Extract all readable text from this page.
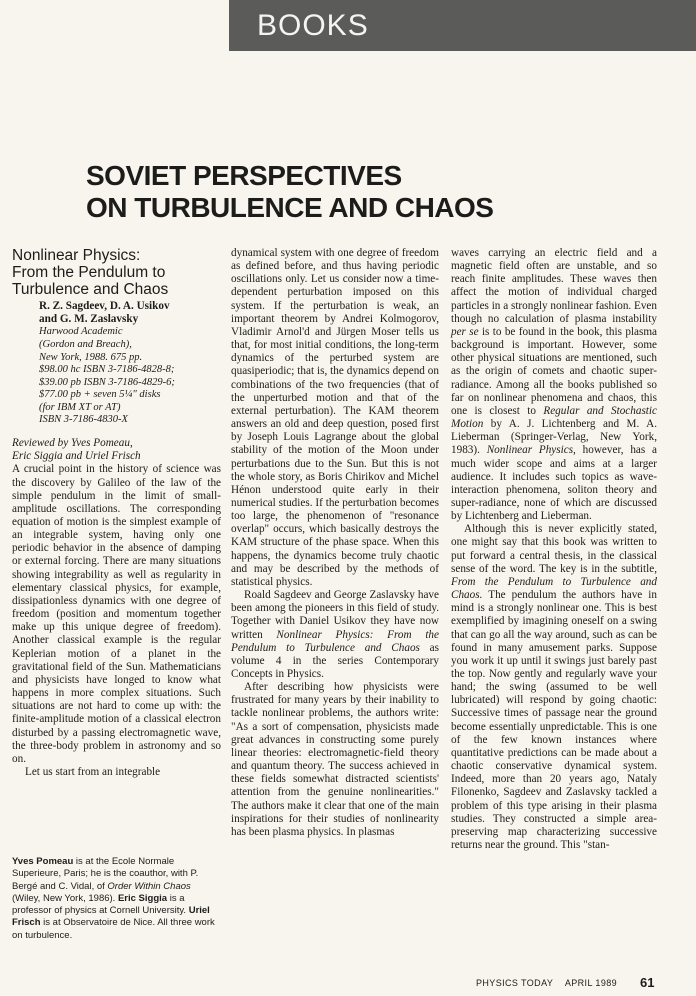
BOOKS
SOVIET PERSPECTIVES
ON TURBULENCE AND CHAOS
Nonlinear Physics:
From the Pendulum to
Turbulence and Chaos
R. Z. Sagdeev, D. A. Usikov
and G. M. Zaslavsky
Harwood Academic
(Gordon and Breach),
New York, 1988. 675 pp.
$98.00 hc ISBN 3-7186-4828-8;
$39.00 pb ISBN 3-7186-4829-6;
$77.00 pb + seven 5¼" disks
(for IBM XT or AT)
ISBN 3-7186-4830-X
Reviewed by Yves Pomeau,
Eric Siggia and Uriel Frisch

A crucial point in the history of science was the discovery by Galileo of the law of the simple pendulum in the limit of small-amplitude oscillations. The corresponding equation of motion is the simplest example of an integrable system, having only one periodic behavior in the absence of damping or external forcing. There are many situations showing integrability as well as regularity in elementary classical physics, for example, dissipationless dynamics with one degree of freedom (position and momentum together make up this unique degree of freedom). Another classical example is the regular Keplerian motion of a planet in the gravitational field of the Sun. Mathematicians and physicists have longed to know what happens in more complex situations. Such situations are not hard to come up with: the finite-amplitude motion of a classical electron disturbed by a passing electromagnetic wave, the three-body problem in astronomy and so on.

Let us start from an integrable

Yves Pomeau is at the Ecole Normale Superieure, Paris; he is the coauthor, with P. Bergé and C. Vidal, of Order Within Chaos (Wiley, New York, 1986). Eric Siggia is a professor of physics at Cornell University. Uriel Frisch is at Observatoire de Nice. All three work on turbulence.

dynamical system with one degree of freedom as defined before, and thus having periodic oscillations only. Let us consider now a time-dependent perturbation imposed on this system. If the perturbation is weak, an important theorem by Andrei Kolmogorov, Vladimir Arnol'd and Jürgen Moser tells us that, for most initial conditions, the long-term dynamics of the perturbed system are quasiperiodic; that is, the dynamics depend on combinations of the two frequencies (that of the unperturbed motion and that of the external perturbation). The KAM theorem answers an old and deep question, posed first by Joseph Louis Lagrange about the global stability of the motion of the Moon under perturbations due to the Sun. But this is not the whole story, as Boris Chirikov and Michel Hénon understood quite early in their numerical studies. If the perturbation becomes too large, the phenomenon of "resonance overlap" occurs, which basically destroys the KAM structure of the phase space. When this happens, the dynamics become truly chaotic and may be described by the methods of statistical physics.

Roald Sagdeev and George Zaslavsky have been among the pioneers in this field of study. Together with Daniel Usikov they have now written Nonlinear Physics: From the Pendulum to Turbulence and Chaos as volume 4 in the series Contemporary Concepts in Physics.

After describing how physicists were frustrated for many years by their inability to tackle nonlinear problems, the authors write: "As a sort of compensation, physicists made great advances in constructing some purely linear theories: electromagnetic-field theory and quantum theory. The success achieved in these fields somewhat distracted scientists' attention from the genuine nonlinearities." The authors make it clear that one of the main inspirations for their studies of nonlinearity has been plasma physics. In plasmas

waves carrying an electric field and a magnetic field often are unstable, and so reach finite amplitudes. These waves then affect the motion of individual charged particles in a strongly nonlinear fashion. Even though no calculation of plasma instability per se is to be found in the book, this plasma background is important. However, some other physical situations are mentioned, such as the origin of comets and chaotic super-radiance. Among all the books published so far on nonlinear phenomena and chaos, this one is closest to Regular and Stochastic Motion by A. J. Lichtenberg and M. A. Lieberman (Springer-Verlag, New York, 1983). Nonlinear Physics, however, has a much wider scope and aims at a larger audience. It includes such topics as wave-interaction phenomena, soliton theory and super-radiance, none of which are discussed by Lichtenberg and Lieberman.

Although this is never explicitly stated, one might say that this book was written to put forward a central thesis, in the classical sense of the word. The key is in the subtitle, From the Pendulum to Turbulence and Chaos. The pendulum the authors have in mind is a strongly nonlinear one. This is best exemplified by imagining oneself on a swing that can go all the way around, such as can be found in many amusement parks. Suppose you work it up until it swings just barely past the top. Now gently and regularly wave your hand; the swing (assumed to be well lubricated) will respond by going chaotic: Successive times of passage near the ground become essentially unpredictable. This is one of the few known instances where quantitative predictions can be made about a chaotic conservative dynamical system. Indeed, more than 20 years ago, Nataly Filonenko, Sagdeev and Zaslavsky tackled a problem of this type arising in their plasma studies. They constructed a simple area-preserving map characterizing successive returns near the ground. This "stan-

PHYSICS TODAY APRIL 1989 61
